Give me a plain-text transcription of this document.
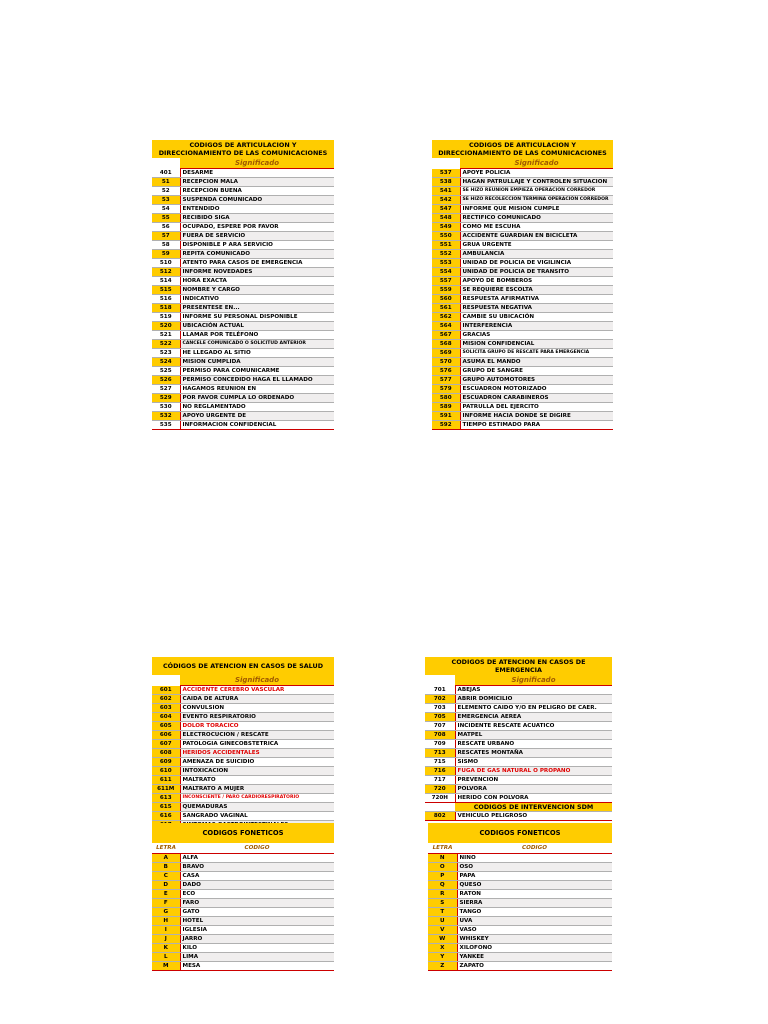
CODIGOS DE ARTICULACION Y DIRECCIONAMIENTO DE LAS COMUNICACIONES	
	Significado
401	DESARME
51	RECEPCION MALA
52	RECEPCION BUENA
53	SUSPENDA COMUNICADO
54	ENTENDIDO
55	RECIBIDO SIGA
56	OCUPADO, ESPERE POR FAVOR
57	FUERA DE SERVICIO
58	DISPONIBLE P ARA SERVICIO
59	REPITA COMUNICADO
510	ATENTO PARA CASOS DE EMERGENCIA
512	INFORME NOVEDADES
514	HORA EXACTA
515	NOMBRE Y CARGO
516	INDICATIVO
518	PRESENTESE EN...
519	INFORME SU PERSONAL DISPONIBLE
520	UBICACIÓN ACTUAL
521	LLAMAR POR TELÉFONO
522	CANCELE COMUNICADO O SOLICITUD ANTERIOR
523	HE LLEGADO AL SITIO
524	MISION CUMPLIDA
525	PERMISO PARA COMUNICARME
526	PERMISO CONCEDIDO HAGA EL LLAMADO
527	HAGAMOS REUNION EN
529	POR FAVOR CUMPLA LO ORDENADO
530	NO REGLAMENTADO
532	APOYO URGENTE DE
535	INFORMACION CONFIDENCIAL
CODIGOS DE ARTICULACION Y DIRECCIONAMIENTO DE LAS COMUNICACIONES	
	Significado
537	APOYE POLICIA
538	HAGAN PATRULLAJE Y CONTROLEN SITUACION
541	SE HIZO REUNION EMPIEZA OPERACION CORREDOR
542	SE HIZO RECOLECCION TERMINA OPERACIÓN CORREDOR
547	INFORME QUE MISION CUMPLE
548	RECTIFICO COMUNICADO
549	COMO ME ESCUHA
550	ACCIDENTE GUARDIAN EN BICICLETA
551	GRUA URGENTE
552	AMBULANCIA
553	UNIDAD DE POLICIA DE VIGILINCIA
554	UNIDAD DE POLICIA DE TRANSITO
557	APOYO DE BOMBEROS
559	SE REQUIERE ESCOLTA
560	RESPUESTA AFIRMATIVA
561	RESPUESTA NEGATIVA
562	CAMBIE SU UBICACIÓN
564	INTERFERENCIA
567	GRACIAS
568	MISION CONFIDENCIAL
569	SOLICITA GRUPO DE RESCATE PARA EMERGENCIA
570	ASUMA EL MANDO
576	GRUPO DE SANGRE
577	GRUPO AUTOMOTORES
579	ESCUADRON MOTORIZADO
580	ESCUADRON CARABINEROS
589	PATRULLA DEL EJERCITO
591	INFORME HACIA DONDE SE DIGIRE
592	TIEMPO ESTIMADO PARA
CÓDIGOS DE ATENCION EN CASOS DE SALUD	
	Significado
601	ACCIDENTE CEREBRO VASCULAR
602	CAIDA DE ALTURA
603	CONVULSION
604	EVENTO RESPIRATORIO
605	DOLOR TORACICO
606	ELECTROCUCION / RESCATE
607	PATOLOGIA GINECOBSTETRICA
608	HERIDOS ACCIDENTALES
609	AMENAZA DE SUICIDIO
610	INTOXICACION
611	MALTRATO
611M	MALTRATO A MUJER
613	INCONSCIENTE / PARO CARDIORESPIRATORIO
615	QUEMADURAS
616	SANGRADO VAGINAL

CODIGOS DE ATENCION EN CASOS DE EMERGENCIA	
	Significado
701	ABEJAS
702	ABRIR DOMICILIO
703	ELEMENTO CAIDO Y/O EN PELIGRO DE CAER.
705	EMERGENCIA AEREA
707	INCIDENTE RESCATE ACUATICO
708	MATPEL
709	RESCATE URBANO
713	RESCATES MONTAÑA
715	SISMO
716	FUGA DE GAS NATURAL O PROPANO
717	PREVENCION
720	POLVORA
720H	HERIDO CON POLVORA
	CODIGOS DE INTERVENCION SDM
802	VEHICULO PELIGROSO
CODIGOS FONETICOS	
LETRA	CODIGO
A	ALFA
B	BRAVO
C	CASA
D	DADO
E	ECO
F	FARO
G	GATO
H	HOTEL
I	IGLESIA
J	JARRO
K	KILO
L	LIMA
M	MESA
CODIGOS FONETICOS	
LETRA	CODIGO
N	NINO
O	OSO
P	PAPA
Q	QUESO
R	RATON
S	SIERRA
T	TANGO
U	UVA
V	VASO
W	WHISKEY
X	XILOFONO
Y	YANKEE
Z	ZAPATO
